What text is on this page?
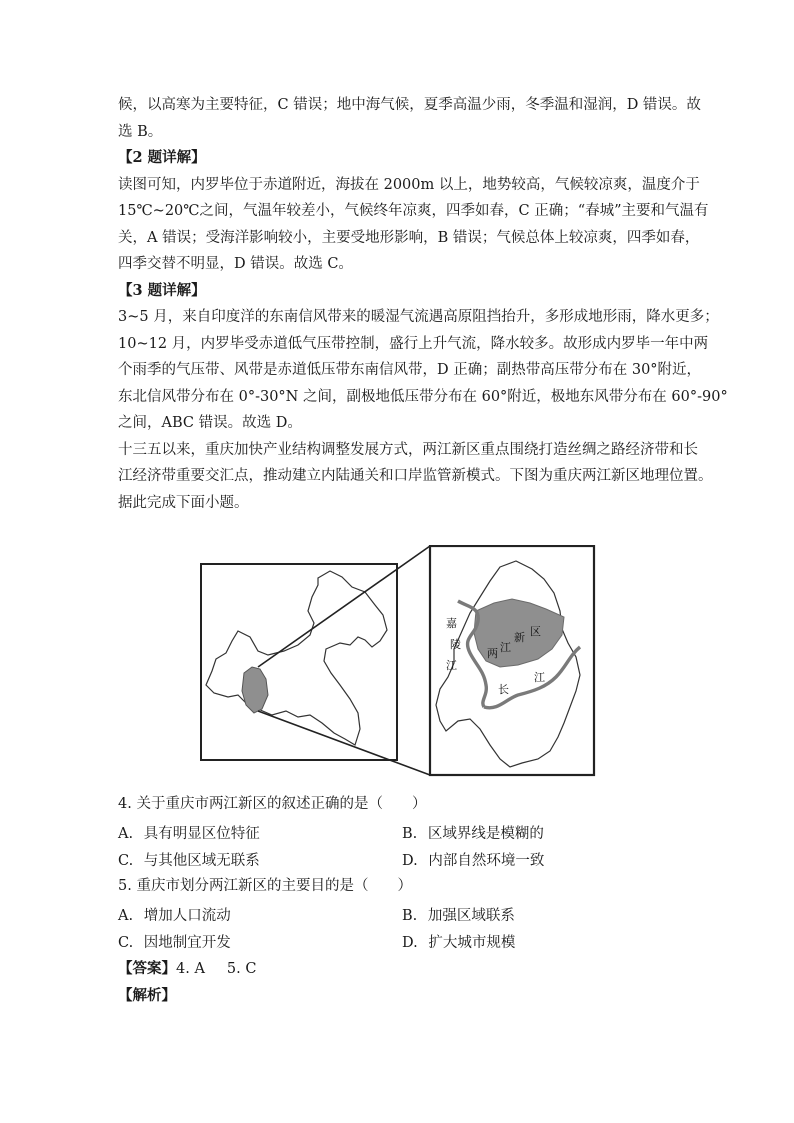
候，以高寒为主要特征，C 错误；地中海气候，夏季高温少雨，冬季温和湿润，D 错误。故
选 B。
【2 题详解】
读图可知，内罗毕位于赤道附近，海拔在 2000m 以上，地势较高，气候较凉爽，温度介于
15℃~20℃之间，气温年较差小，气候终年凉爽，四季如春，C 正确；“春城”主要和气温有
关，A 错误；受海洋影响较小，主要受地形影响，B 错误；气候总体上较凉爽，四季如春，
四季交替不明显，D 错误。故选 C。
【3 题详解】
3~5 月，来自印度洋的东南信风带来的暖湿气流遇高原阻挡抬升，多形成地形雨，降水更多；
10~12 月，内罗毕受赤道低气压带控制，盛行上升气流，降水较多。故形成内罗毕一年中两
个雨季的气压带、风带是赤道低压带东南信风带，D 正确；副热带高压带分布在 30°附近，
东北信风带分布在 0°-30°N 之间，副极地低压带分布在 60°附近，极地东风带分布在 60°-90°
之间，ABC 错误。故选 D。
十三五以来，重庆加快产业结构调整发展方式，两江新区重点围绕打造丝绸之路经济带和长
江经济带重要交汇点，推动建立内陆通关和口岸监管新模式。下图为重庆两江新区地理位置。
据此完成下面小题。
嘉
陵
江
两 江
新 区
长
江
4. 关于重庆市两江新区的叙述正确的是（　　）
A. 具有明显区位特征	B. 区域界线是模糊的
C. 与其他区域无联系	D. 内部自然环境一致
5. 重庆市划分两江新区的主要目的是（　　）
A. 增加人口流动	B. 加强区域联系
C. 因地制宜开发	D. 扩大城市规模
【答案】4. A 5. C
【解析】
